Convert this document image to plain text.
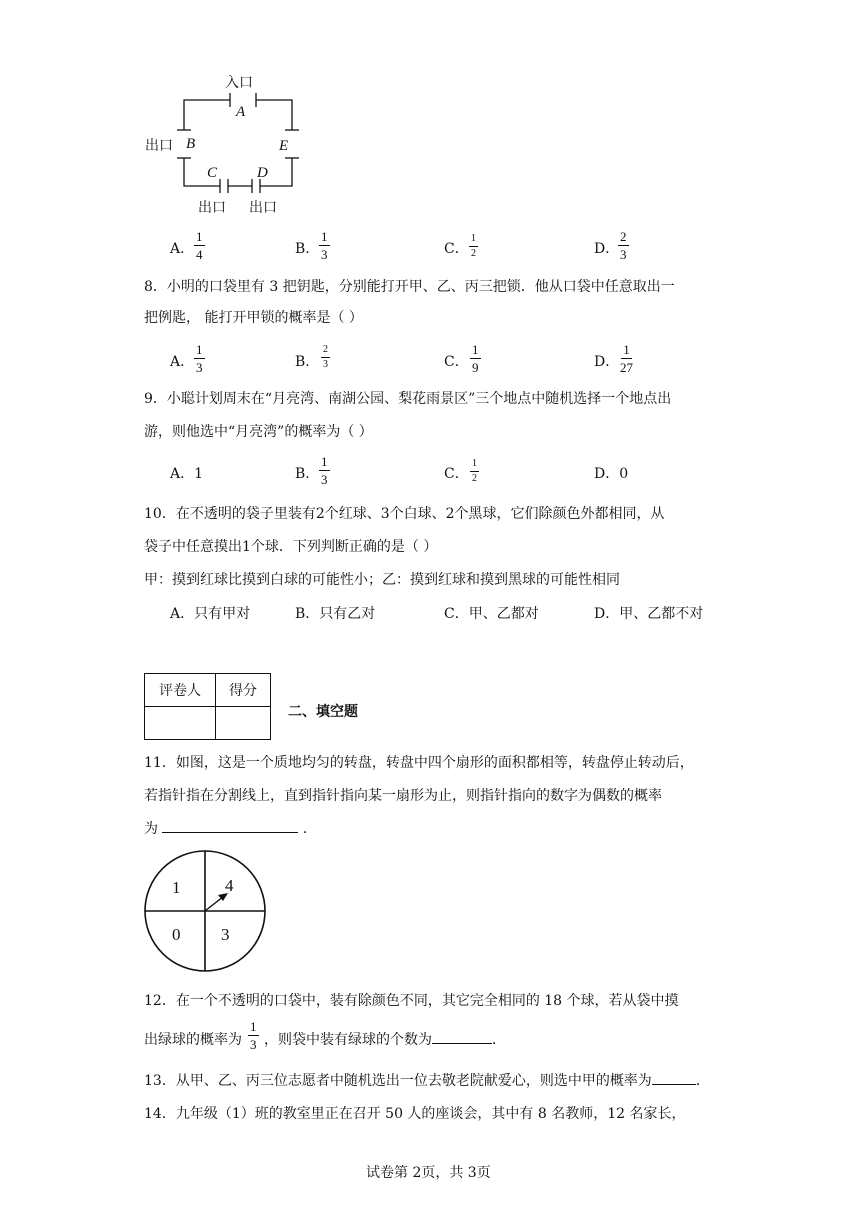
入口
A
出口 B	E
C	D
出口 出口
A． $\frac{1}{4}$	B． $\frac{1}{3}$	C． $\frac{1}{2}$	D．
$\frac{2}{3}$
8．小明的口袋里有 3 把钥匙，分别能打开甲、乙、丙三把锁．他从口袋中任意取出一
把例匙， 能打开甲锁的概率是（ ）
A． $\frac{1}{3}$	B． $\frac{2}{3}$	C． $\frac{1}{9}$	D． $\frac{1}{27}$
9．小聪计划周末在“月亮湾、南湖公园、梨花雨景区”三个地点中随机选择一个地点出
游，则他选中“月亮湾”的概率为（ ）
A．1	B． $\frac{1}{3}$	C． $\frac{1}{2}$	D．0
10．在不透明的袋子里装有2个红球、3个白球、2个黑球，它们除颜色外都相同，从
袋子中任意摸出1个球．下列判断正确的是（ ）
甲：摸到红球比摸到白球的可能性小；乙：摸到红球和摸到黑球的可能性相同
A．只有甲对	B．只有乙对	C．甲、乙都对	D．甲、乙都不对
评卷人	得分

二、填空题
11．如图，这是一个质地均匀的转盘，转盘中四个扇形的面积都相等，转盘停止转动后，
若指针指在分割线上，直到指针指向某一扇形为止，则指针指向的数字为偶数的概率
为	．
1	4
0 3
12．在一个不透明的口袋中，装有除颜色不同，其它完全相同的 18 个球，若从袋中摸
出绿球的概率为 $\frac{1}{3}$ ，则袋中装有绿球的个数为	．
13．从甲、乙、丙三位志愿者中随机选出一位去敬老院献爱心，则选中甲的概率为	．
14．九年级（1）班的教室里正在召开 50 人的座谈会，其中有 8 名教师，12 名家长，
试卷第 2页，共 3页
